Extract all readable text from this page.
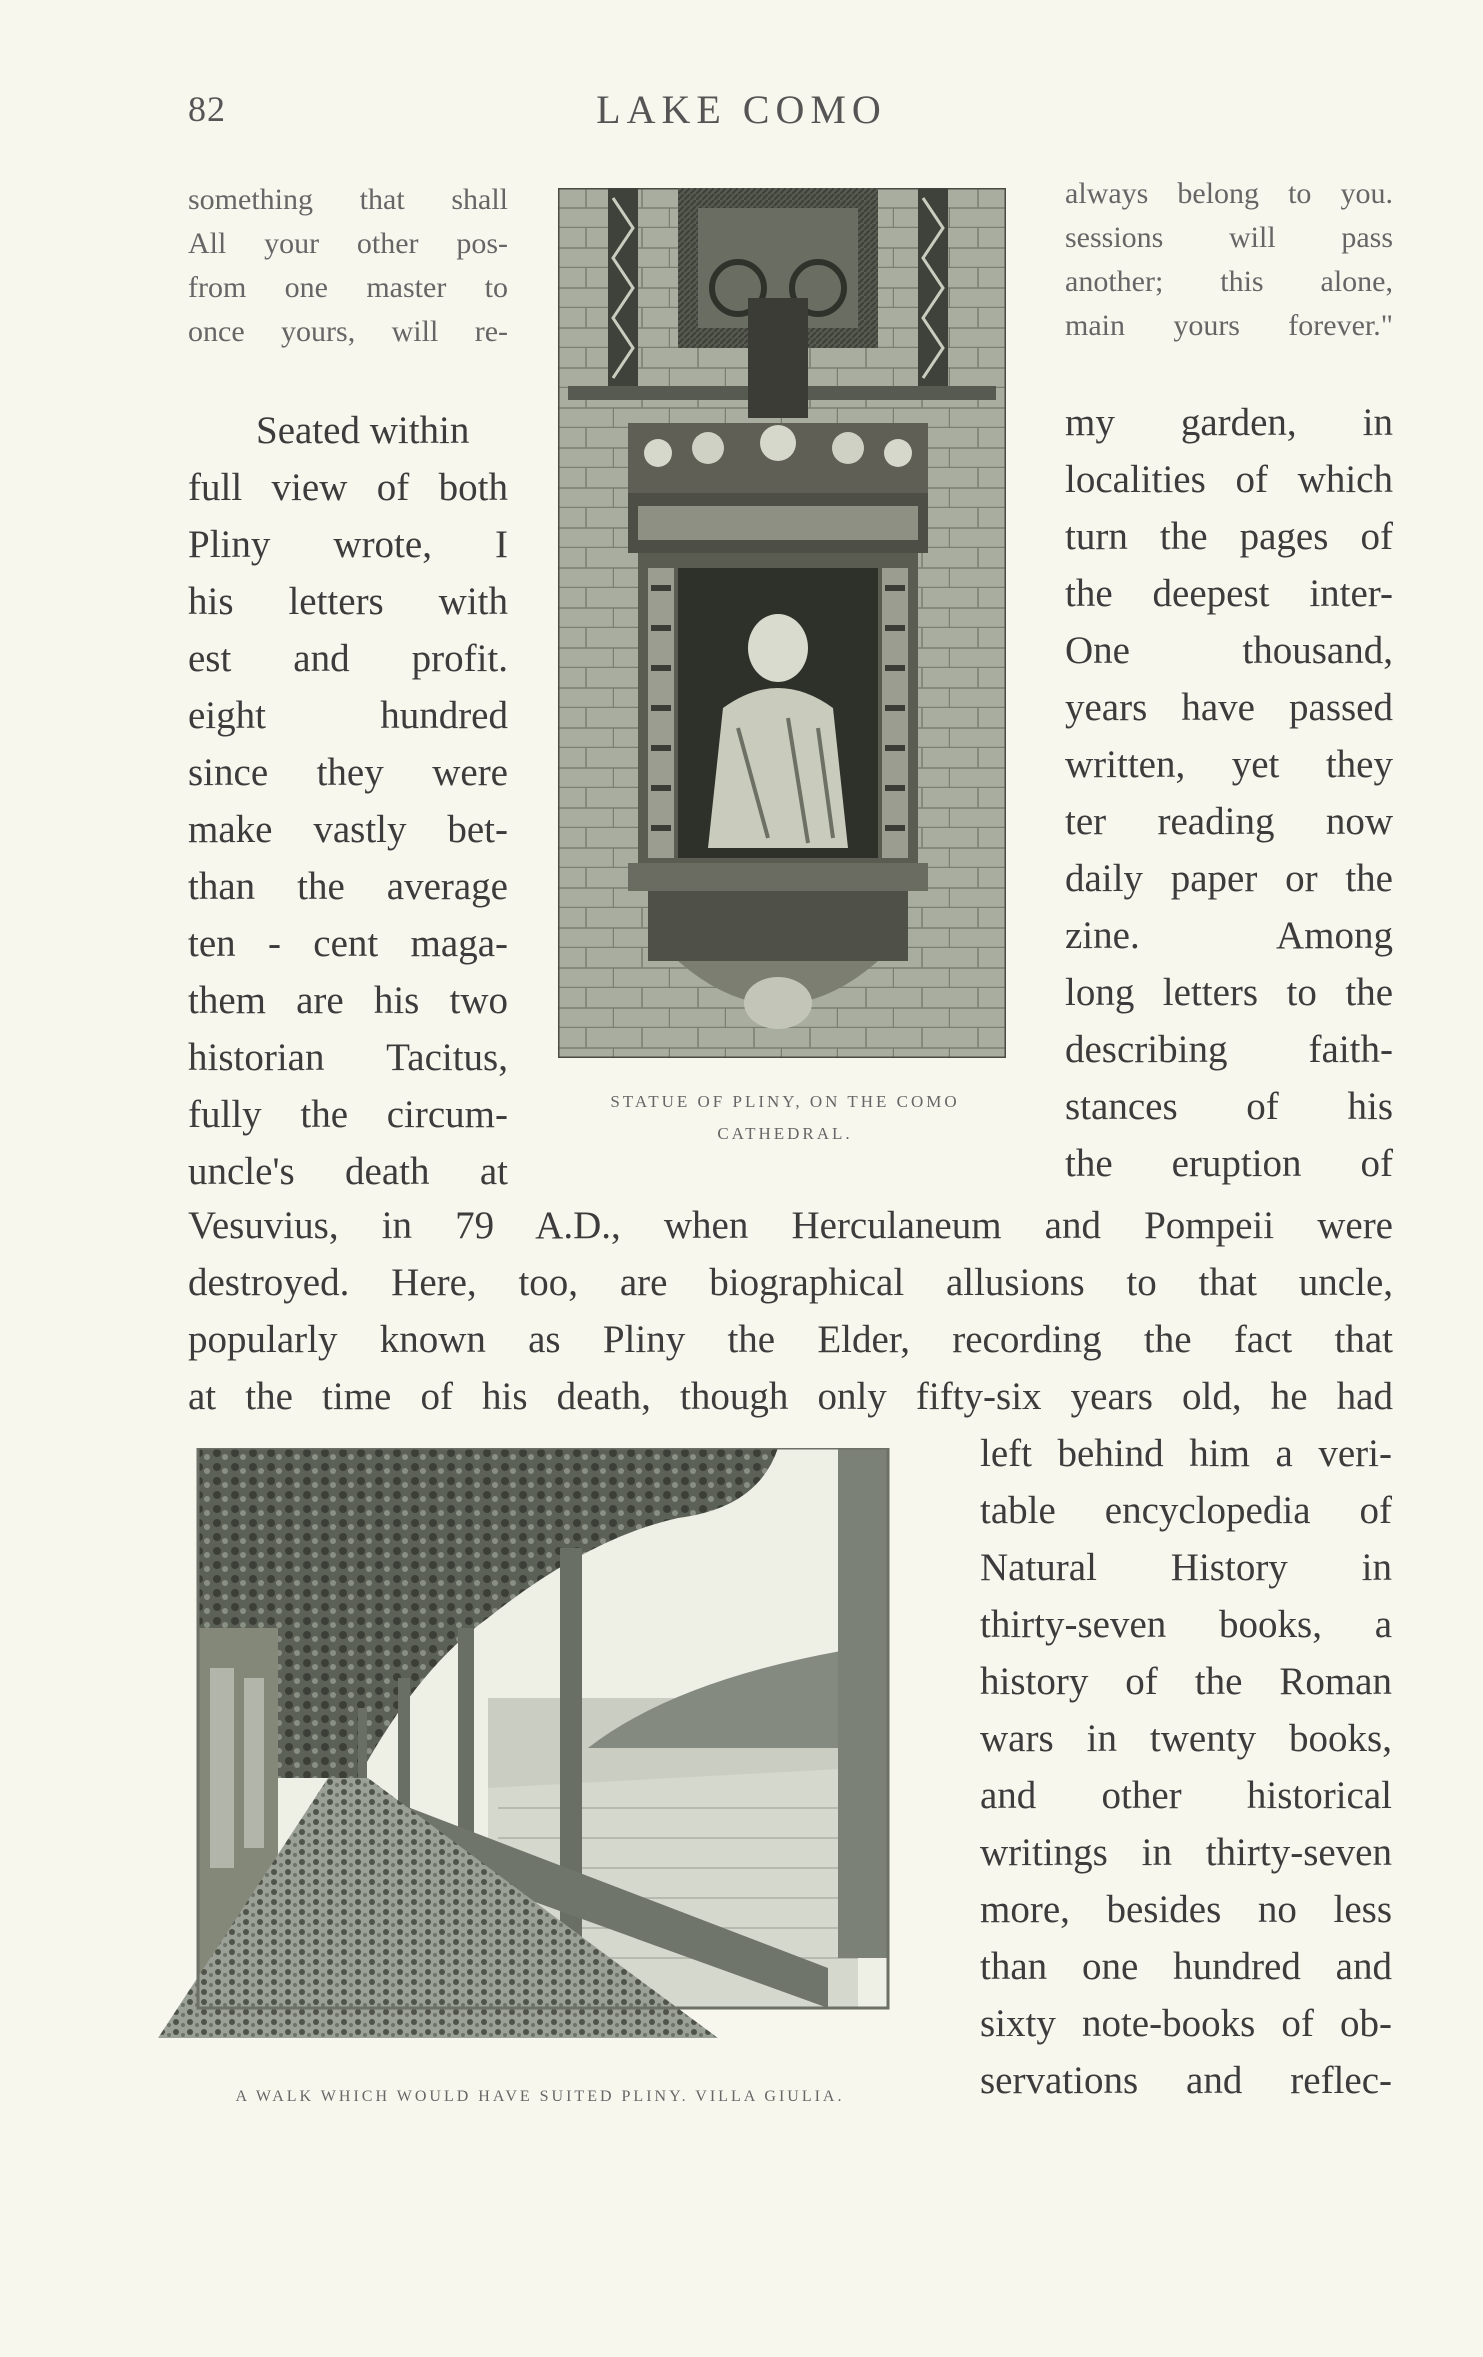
82	LAKE COMO
something that shall
All your other pos-
from one master to
once yours, will re-
always belong to you.
sessions will pass
another; this alone,
main yours forever."
STATUE OF PLINY, ON THE COMO
CATHEDRAL.
Seated within
full view of both
Pliny wrote, I
his letters with
est and profit.
eight hundred
since they were
make vastly bet-
than the average
ten - cent maga-
them are his two
historian Tacitus,
fully the circum-
uncle's death at
my garden, in
localities of which
turn the pages of
the deepest inter-
One thousand,
years have passed
written, yet they
ter reading now
daily paper or the
zine. Among
long letters to the
describing faith-
stances of his
the eruption of
Vesuvius, in 79 A.D., when Herculaneum and Pompeii were
destroyed. Here, too, are biographical allusions to that uncle,
popularly known as Pliny the Elder, recording the fact that
at the time of his death, though only fifty-six years old, he had
A WALK WHICH WOULD HAVE SUITED PLINY. VILLA GIULIA.
left behind him a veri-
table encyclopedia of
Natural History in
thirty-seven books, a
history of the Roman
wars in twenty books,
and other historical
writings in thirty-seven
more, besides no less
than one hundred and
sixty note-books of ob-
servations and reflec-
